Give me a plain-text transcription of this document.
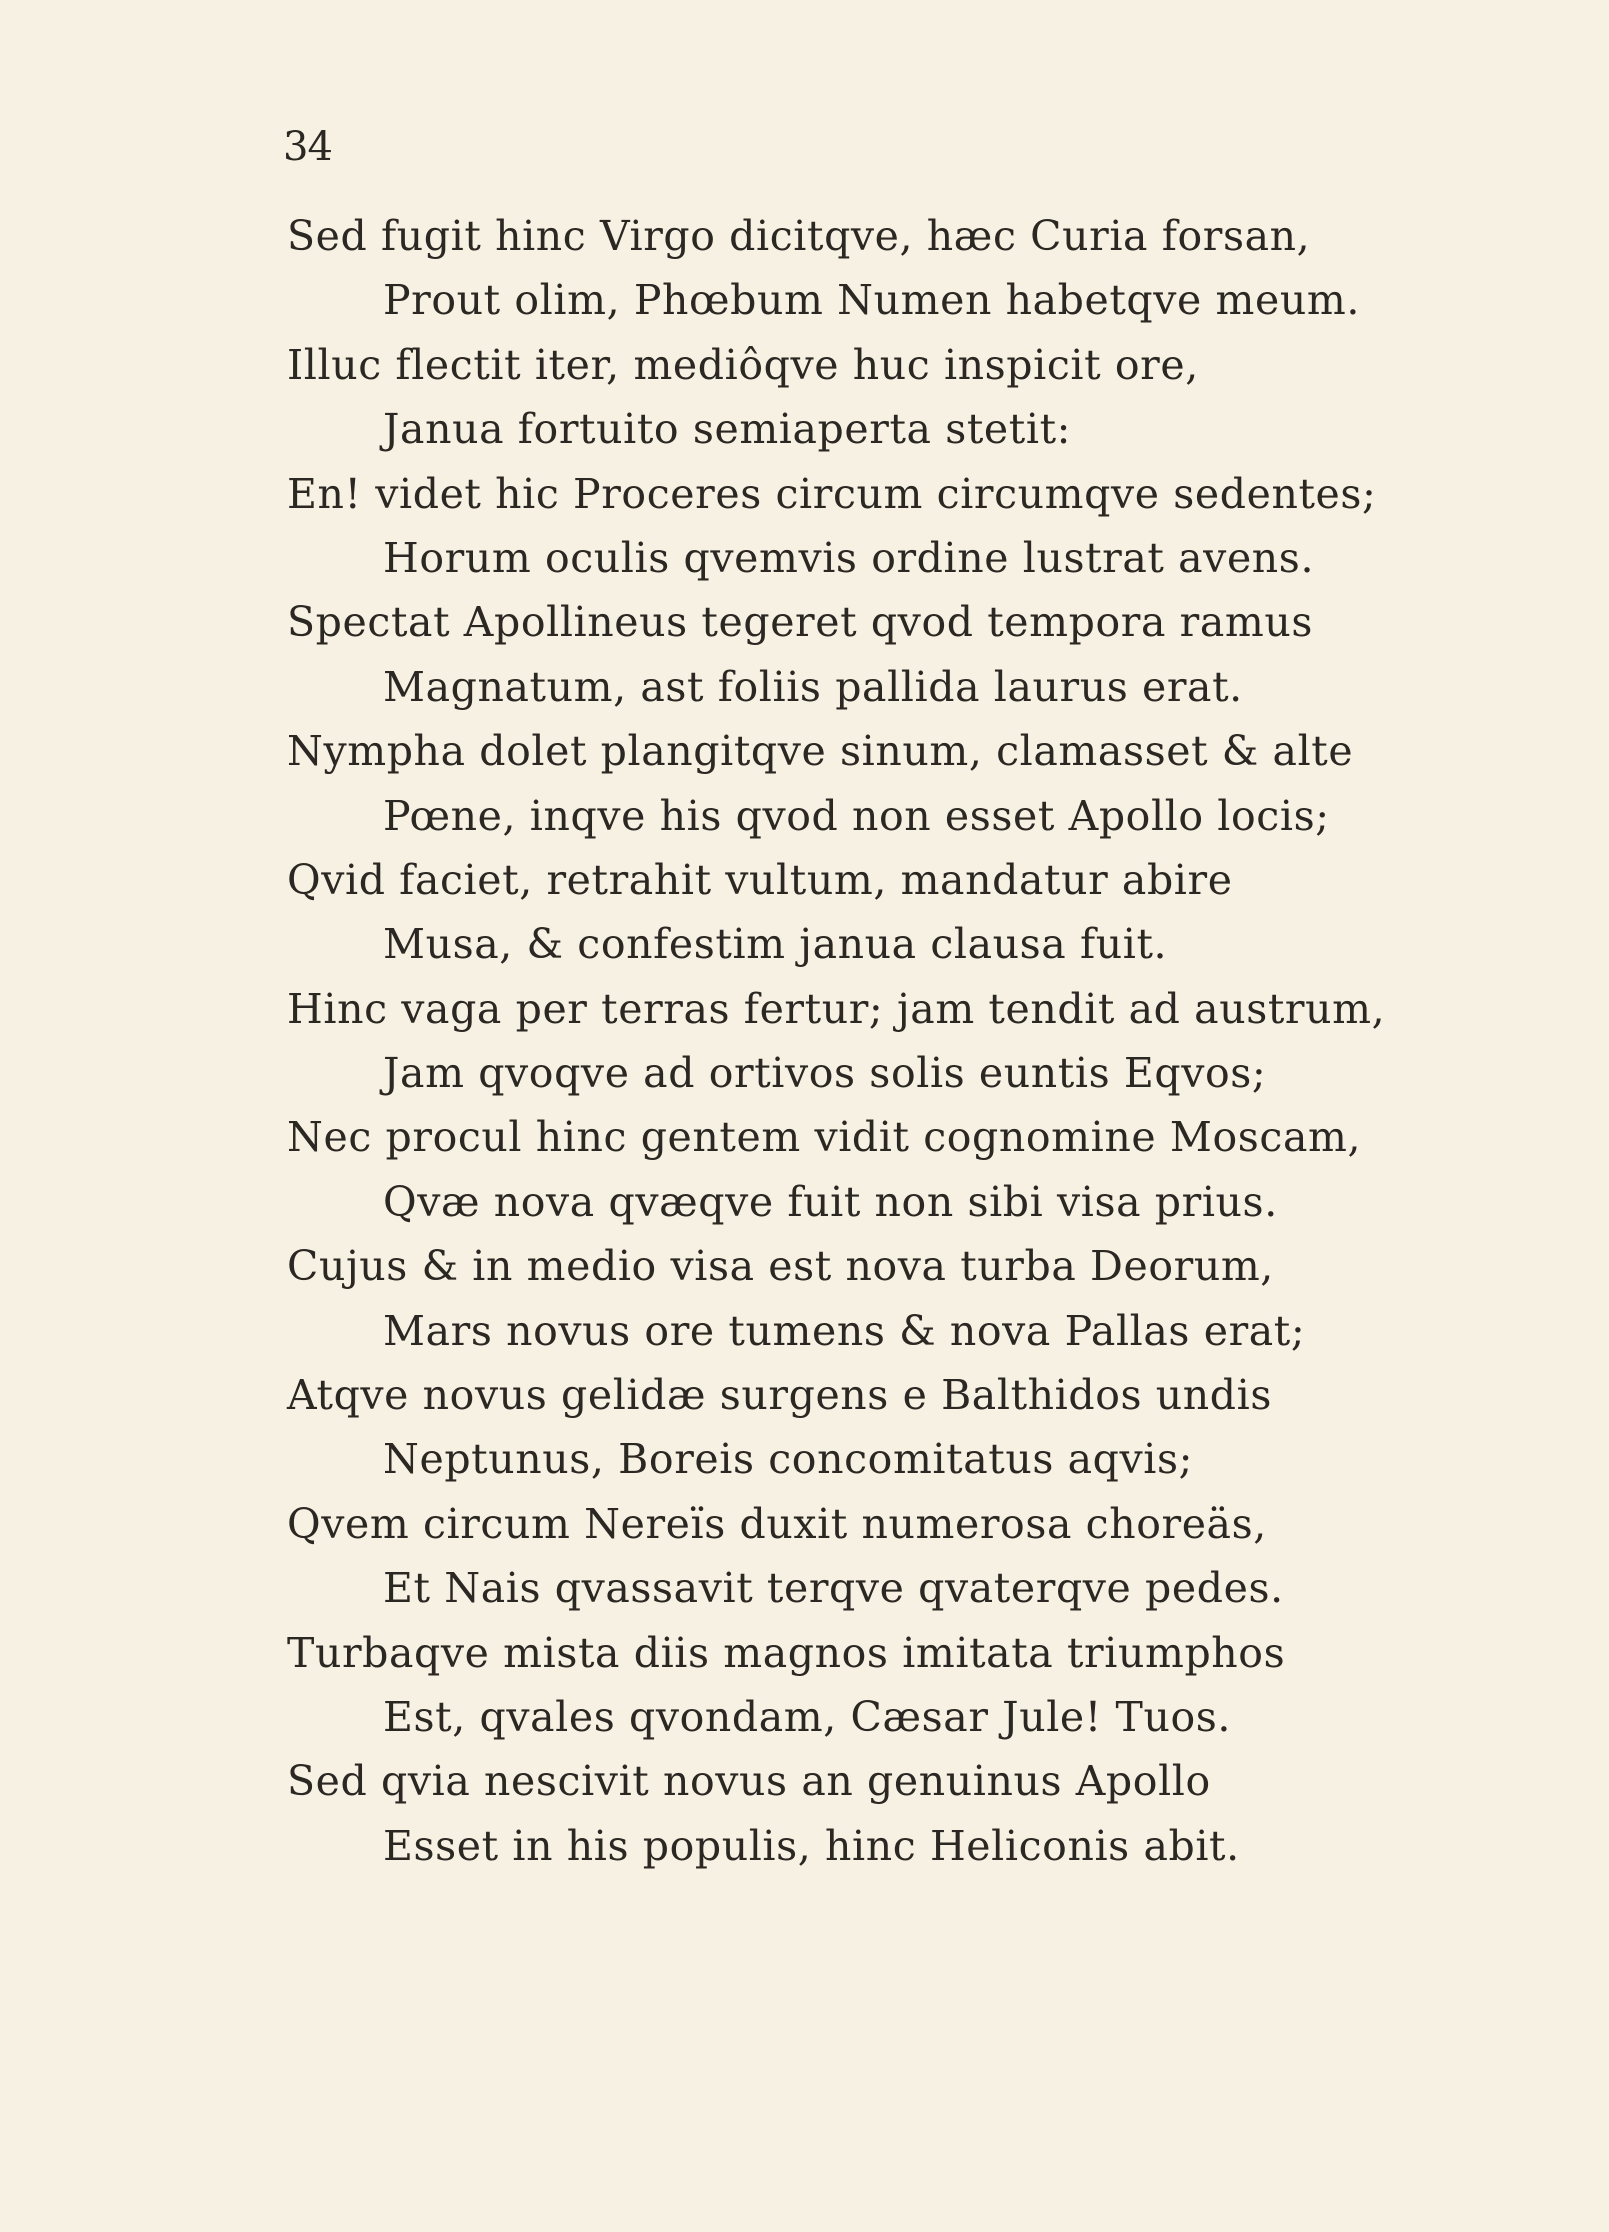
34
Sed fugit hinc Virgo dicitqve, hæc Curia forsan,
Prout olim, Phœbum Numen habetqve meum.
Illuc flectit iter, mediôqve huc inspicit ore,
Janua fortuito semiaperta stetit:
En! videt hic Proceres circum circumqve sedentes;
Horum oculis qvemvis ordine lustrat avens.
Spectat Apollineus tegeret qvod tempora ramus
Magnatum, ast foliis pallida laurus erat.
Nympha dolet plangitqve sinum, clamasset & alte
Pœne, inqve his qvod non esset Apollo locis;
Qvid faciet, retrahit vultum, mandatur abire
Musa, & confestim janua clausa fuit.
Hinc vaga per terras fertur; jam tendit ad austrum,
Jam qvoqve ad ortivos solis euntis Eqvos;
Nec procul hinc gentem vidit cognomine Moscam,
Qvæ nova qvæqve fuit non sibi visa prius.
Cujus & in medio visa est nova turba Deorum,
Mars novus ore tumens & nova Pallas erat;
Atqve novus gelidæ surgens e Balthidos undis
Neptunus, Boreis concomitatus aqvis;
Qvem circum Nereïs duxit numerosa choreäs,
Et Nais qvassavit terqve qvaterqve pedes.
Turbaqve mista diis magnos imitata triumphos
Est, qvales qvondam, Cæsar Jule! Tuos.
Sed qvia nescivit novus an genuinus Apollo
Esset in his populis, hinc Heliconis abit.
